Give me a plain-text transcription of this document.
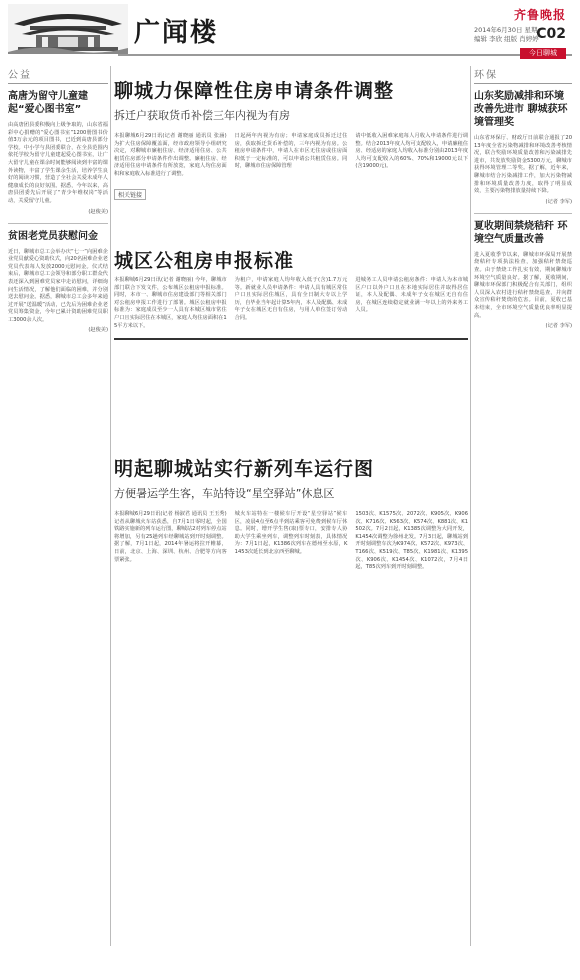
广闻楼
齐鲁晚报
2014年6月30日 星期一
编辑 李欣 组版 肖婷婷
C02
今日聊城
公益
高唐为留守儿童建起“爱心图书室”
由高唐团县委积极向上级争取的，山东省福彩中心捐赠的“爱心图书室”1200册图书价值3万余元的项目图书，已近到高唐县部分学校。中小学与县团委联合，在全县范围内依托学校为留守儿童建起爱心图书室，让广大留守儿童在课余时间能够阅读到丰富的课外读物，丰富了学生课余生活，培养学生良好的阅读习惯，营造了全社会关爱未成年人健康成长的良好氛围。据悉，今年以来，高唐县团委先后开展了“青少年维权岗”等活动，关爱留守儿童。
(赵俊美)
贫困老党员获慰问金
近日，聊城市总工会举办庆“七一”向困难企业党员献爱心资助仪式，向20名困难企业老党员代表每人发放2000元慰问金。仪式结束后，聊城市总工会领导和部分职工群众代表还深入到困难党员家中走访慰问，详细询问生活情况，了解他们面临的困难，并分别送去慰问金。据悉，聊城市总工会多年来通过开展“送温暖”活动，已先后为困难企业老党员筹集资金，今年已累计资助困难党员职工3000余人次。
(赵俊美)
聊城力保障性住房申请条件调整
拆迁户获取货币补偿三年内视为有房
本报聊城6月29日讯(记者 谢晓丽 通讯员 张涵) 为扩大住房保障覆盖面，经市政府领导小组研究决定，对聊城市廉租住房、经济适用住房、公共租赁住房部分申请条件作出调整。廉租住房、经济适用住房申请条件有所放宽，家庭人均住房面积和家庭收入标准进行了调整。
日起两年内视为有房；申请家庭成员拆迁过住房，获取拆迁货币补偿的，三年内视为有房。公租房申请条件中，申请人在市区无住房或住房面积低于一定标准的，可以申请公共租赁住房。同时，聊城市住房保障管理
请中低收入困难家庭每人月收入申请条件进行调整。结合2013年度人均可支配收入，申请廉租住房、经适房的家庭人均收入标准分别由2013年度人均可支配收入的60%、70%和19000元以下(含19000元)。
相关链接
城区公租房申报标准
本报聊城6月29日讯(记者 谢晓丽) 今年，聊城市部门联合下发文件，公布城区公租房申报标准。同时，本市一、聊城市住房建设部门等相关部门对公租房申报工作进行了部署。城区公租房申报标准为：家庭成员至少一人具有本城区城市常住户口且实际居住在本城区，家庭人均住房面积在15平方米以下。
为租户，申请家庭人均年收入低于(含)1.7万元等。新就业人员申请条件：申请人具有城区常住户口且实际居住城区，具有全日制大专以上学历，自毕业当年起计算5年内，本人及配偶、未成年子女在城区无自有住房，与用人单位签订劳动合同。
进城务工人员申请公租房条件：申请人为本市城区户口以外户口且在本地实际居住并取得居住证，本人及配偶、未成年子女在城区无自有住房，在城区连续稳定就业满一年以上的外来务工人员。
明起聊城站实行新列车运行图
方便暑运学生客，车站特设“星空驿站”休息区
本报聊城6月29日讯(记者 杨淑君 通讯员 王玉秀) 记者从聊城火车站获悉，自7月1日零时起，全国铁路实施新的列车运行图，聊城站2对列车停点站将增加，另有25趟列车经聊城站到开时刻调整。据了解，7月1日起，2014年暑运将拉开帷幕，日前，北京、上海、深圳、杭州、合肥等方向客票紧张。
城火车站特在一楼候车厅开设“星空驿站”候车区，凌晨4点至6点半到站乘客可免费到候车厅休息。同时，增开学生售(取)票专口，安排专人协助大学生乘坐列车，调整列车时刻表，具体情况为：7月1日起，K1386次列车在德州至水原，K1453次延长到北京西至聊城。
1503次、K1575次、2072次、K905次、K906次、K716次、K563次、K574次、K881次、K1502次。7月2日起，K1385次调整为大同开发，K1454次调整为徐州北发。7月3日起，聊城站到开时刻调整车次为K974次、K572次、K973次、T166次、K519次、T85次、K1981次、K1395次、K906次、K1454次、K1072次，7月4日起，T85次列车到开时刻调整。
环保
山东奖励减排和环境改善先进市 聊城获环境管理奖
山东省环保厅、财政厅日前联合通报了2013年度全省污染物减排和环境改善考核情况，联合奖励环境质量改善和污染减排先进市，共发放奖励资金5300万元，聊城市获得环境管理二等奖。据了解，近年来，聊城市结合污染减排工作，加大污染物减排和环境质量改善力度，取得了明显成效，主要污染物排放量持续下降。
(记者 李军)
夏收期间禁烧秸秆 环境空气质量改善
进入夏收季节以来，聊城市环保局开展禁烧秸秆专项执法检查，加强秸秆禁烧巡查。由于禁烧工作扎实有效，期间聊城市环境空气质量良好。据了解，夏收期间，聊城市环保部门积极配合有关部门，组织人员深入农村进行秸秆禁烧巡查，并向群众宣传秸秆焚烧的危害。目前，夏收已基本结束，全市环境空气质量优良率明显提高。
(记者 李军)
